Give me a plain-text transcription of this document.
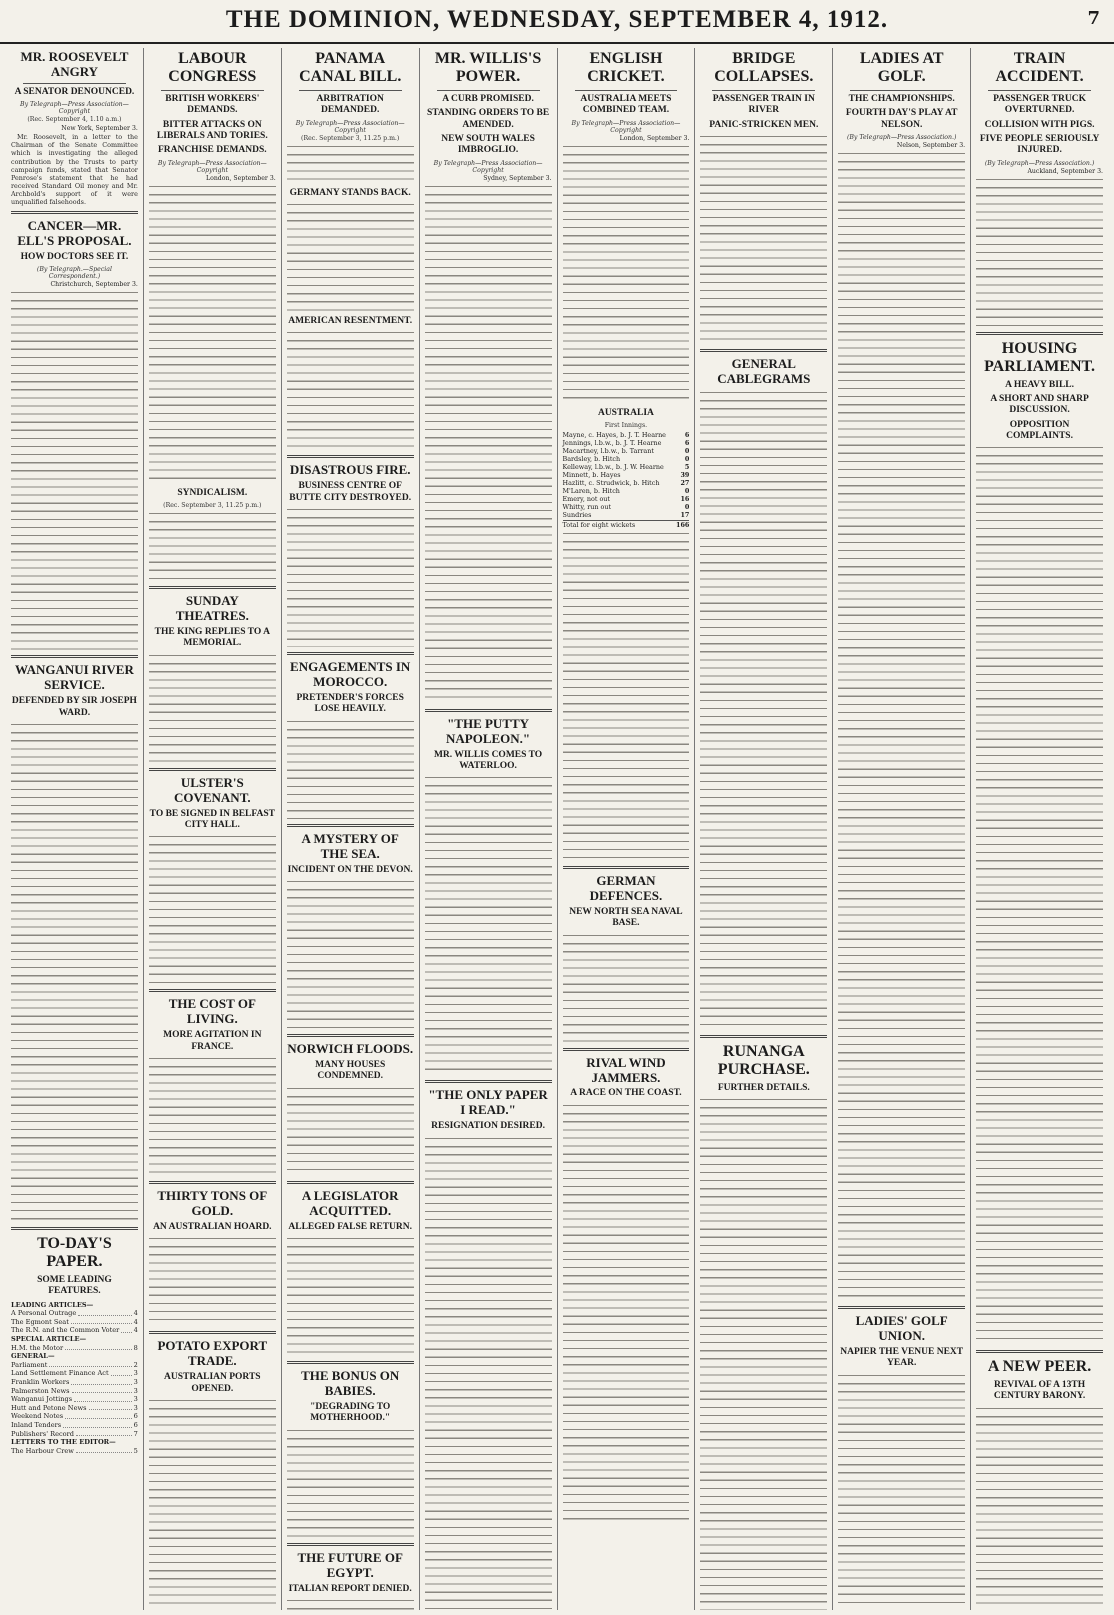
THE DOMINION, WEDNESDAY, SEPTEMBER 4, 1912.	7
MR. ROOSEVELT ANGRY
A SENATOR DENOUNCED.
By Telegraph—Press Association—Copyright
(Rec. September 4, 1.10 a.m.)
New York, September 3.

Mr. Roosevelt, in a letter to the Chairman of the Senate Committee which is investigating the alleged contribution by the Trusts to party campaign funds, stated that Senator Penrose's statement that he had received Standard Oil money and Mr. Archbold's support of it were unqualified falsehoods.

CANCER—MR. ELL'S PROPOSAL.
HOW DOCTORS SEE IT.
(By Telegraph.—Special Correspondent.)
Christchurch, September 3.
WANGANUI RIVER SERVICE.
DEFENDED BY SIR JOSEPH WARD.
TO-DAY'S PAPER.
SOME LEADING FEATURES.
LEADING ARTICLES—
A Personal Outrage	4
The Egmont Seat	4
The R.N. and the Common Voter 4
SPECIAL ARTICLE—
H.M. the Motor	8
GENERAL—
Parliament	2
Land Settlement Finance Act	3
Franklin Workers	3
Palmerston News	3
Wanganui Jottings	3
Hutt and Petone News	3
Weekend Notes	6
Inland Tenders	6
Publishers' Record	7
LETTERS TO THE EDITOR—
The Harbour Crew	5
LABOUR CONGRESS
BRITISH WORKERS' DEMANDS.
BITTER ATTACKS ON LIBERALS AND TORIES.
FRANCHISE DEMANDS.
By Telegraph—Press Association—Copyright
London, September 3.
SYNDICALISM.
(Rec. September 3, 11.25 p.m.)
SUNDAY THEATRES.
THE KING REPLIES TO A MEMORIAL.
ULSTER'S COVENANT.
TO BE SIGNED IN BELFAST CITY HALL.
THE COST OF LIVING.
MORE AGITATION IN FRANCE.
THIRTY TONS OF GOLD.
AN AUSTRALIAN HOARD.
POTATO EXPORT TRADE.
AUSTRALIAN PORTS OPENED.
PANAMA CANAL BILL.
ARBITRATION DEMANDED.
By Telegraph—Press Association—Copyright
(Rec. September 3, 11.25 p.m.)
GERMANY STANDS BACK.
AMERICAN RESENTMENT.
DISASTROUS FIRE.
BUSINESS CENTRE OF BUTTE CITY DESTROYED.
ENGAGEMENTS IN MOROCCO.
PRETENDER'S FORCES LOSE HEAVILY.
A MYSTERY OF THE SEA.
INCIDENT ON THE DEVON.
NORWICH FLOODS.
MANY HOUSES CONDEMNED.
A LEGISLATOR ACQUITTED.
ALLEGED FALSE RETURN.
THE BONUS ON BABIES.
"DEGRADING TO MOTHERHOOD."
THE FUTURE OF EGYPT.
ITALIAN REPORT DENIED.
MR. WILLIS'S POWER.
A CURB PROMISED.
STANDING ORDERS TO BE AMENDED.
NEW SOUTH WALES IMBROGLIO.
By Telegraph—Press Association—Copyright
Sydney, September 3.
"THE PUTTY NAPOLEON."
MR. WILLIS COMES TO WATERLOO.
"THE ONLY PAPER I READ."
RESIGNATION DESIRED.
ENGLISH CRICKET.
AUSTRALIA MEETS COMBINED TEAM.
By Telegraph—Press Association—Copyright
London, September 3.
AUSTRALIA
First Innings.
Mayne, c. Hayes, b. J. T. Hearne	6
Jennings, l.b.w., b. J. T. Hearne	6
Macartney, l.b.w., b. Tarrant	0
Bardsley, b. Hitch	0
Kelleway, l.b.w., b. J. W. Hearne	5
Minnett, b. Hayes	39
Hazlitt, c. Strudwick, b. Hitch	27
M'Laren, b. Hitch	0
Emery, not out	16
Whitty, run out	0
Sundries	17
Total for eight wickets	166
GERMAN DEFENCES.
NEW NORTH SEA NAVAL BASE.
RIVAL WIND JAMMERS.
A RACE ON THE COAST.
BRIDGE COLLAPSES.
PASSENGER TRAIN IN RIVER
PANIC-STRICKEN MEN.
GENERAL CABLEGRAMS
RUNANGA PURCHASE.
FURTHER DETAILS.
LADIES AT GOLF.
THE CHAMPIONSHIPS.
FOURTH DAY'S PLAY AT NELSON.
(By Telegraph—Press Association.)
Nelson, September 3.
LADIES' GOLF UNION.
NAPIER THE VENUE NEXT YEAR.
TRAIN ACCIDENT.
PASSENGER TRUCK OVERTURNED.
COLLISION WITH PIGS.
FIVE PEOPLE SERIOUSLY INJURED.
(By Telegraph—Press Association.)
Auckland, September 3.
HOUSING PARLIAMENT.
A HEAVY BILL.
A SHORT AND SHARP DISCUSSION.
OPPOSITION COMPLAINTS.
A NEW PEER.
REVIVAL OF A 13TH CENTURY BARONY.
